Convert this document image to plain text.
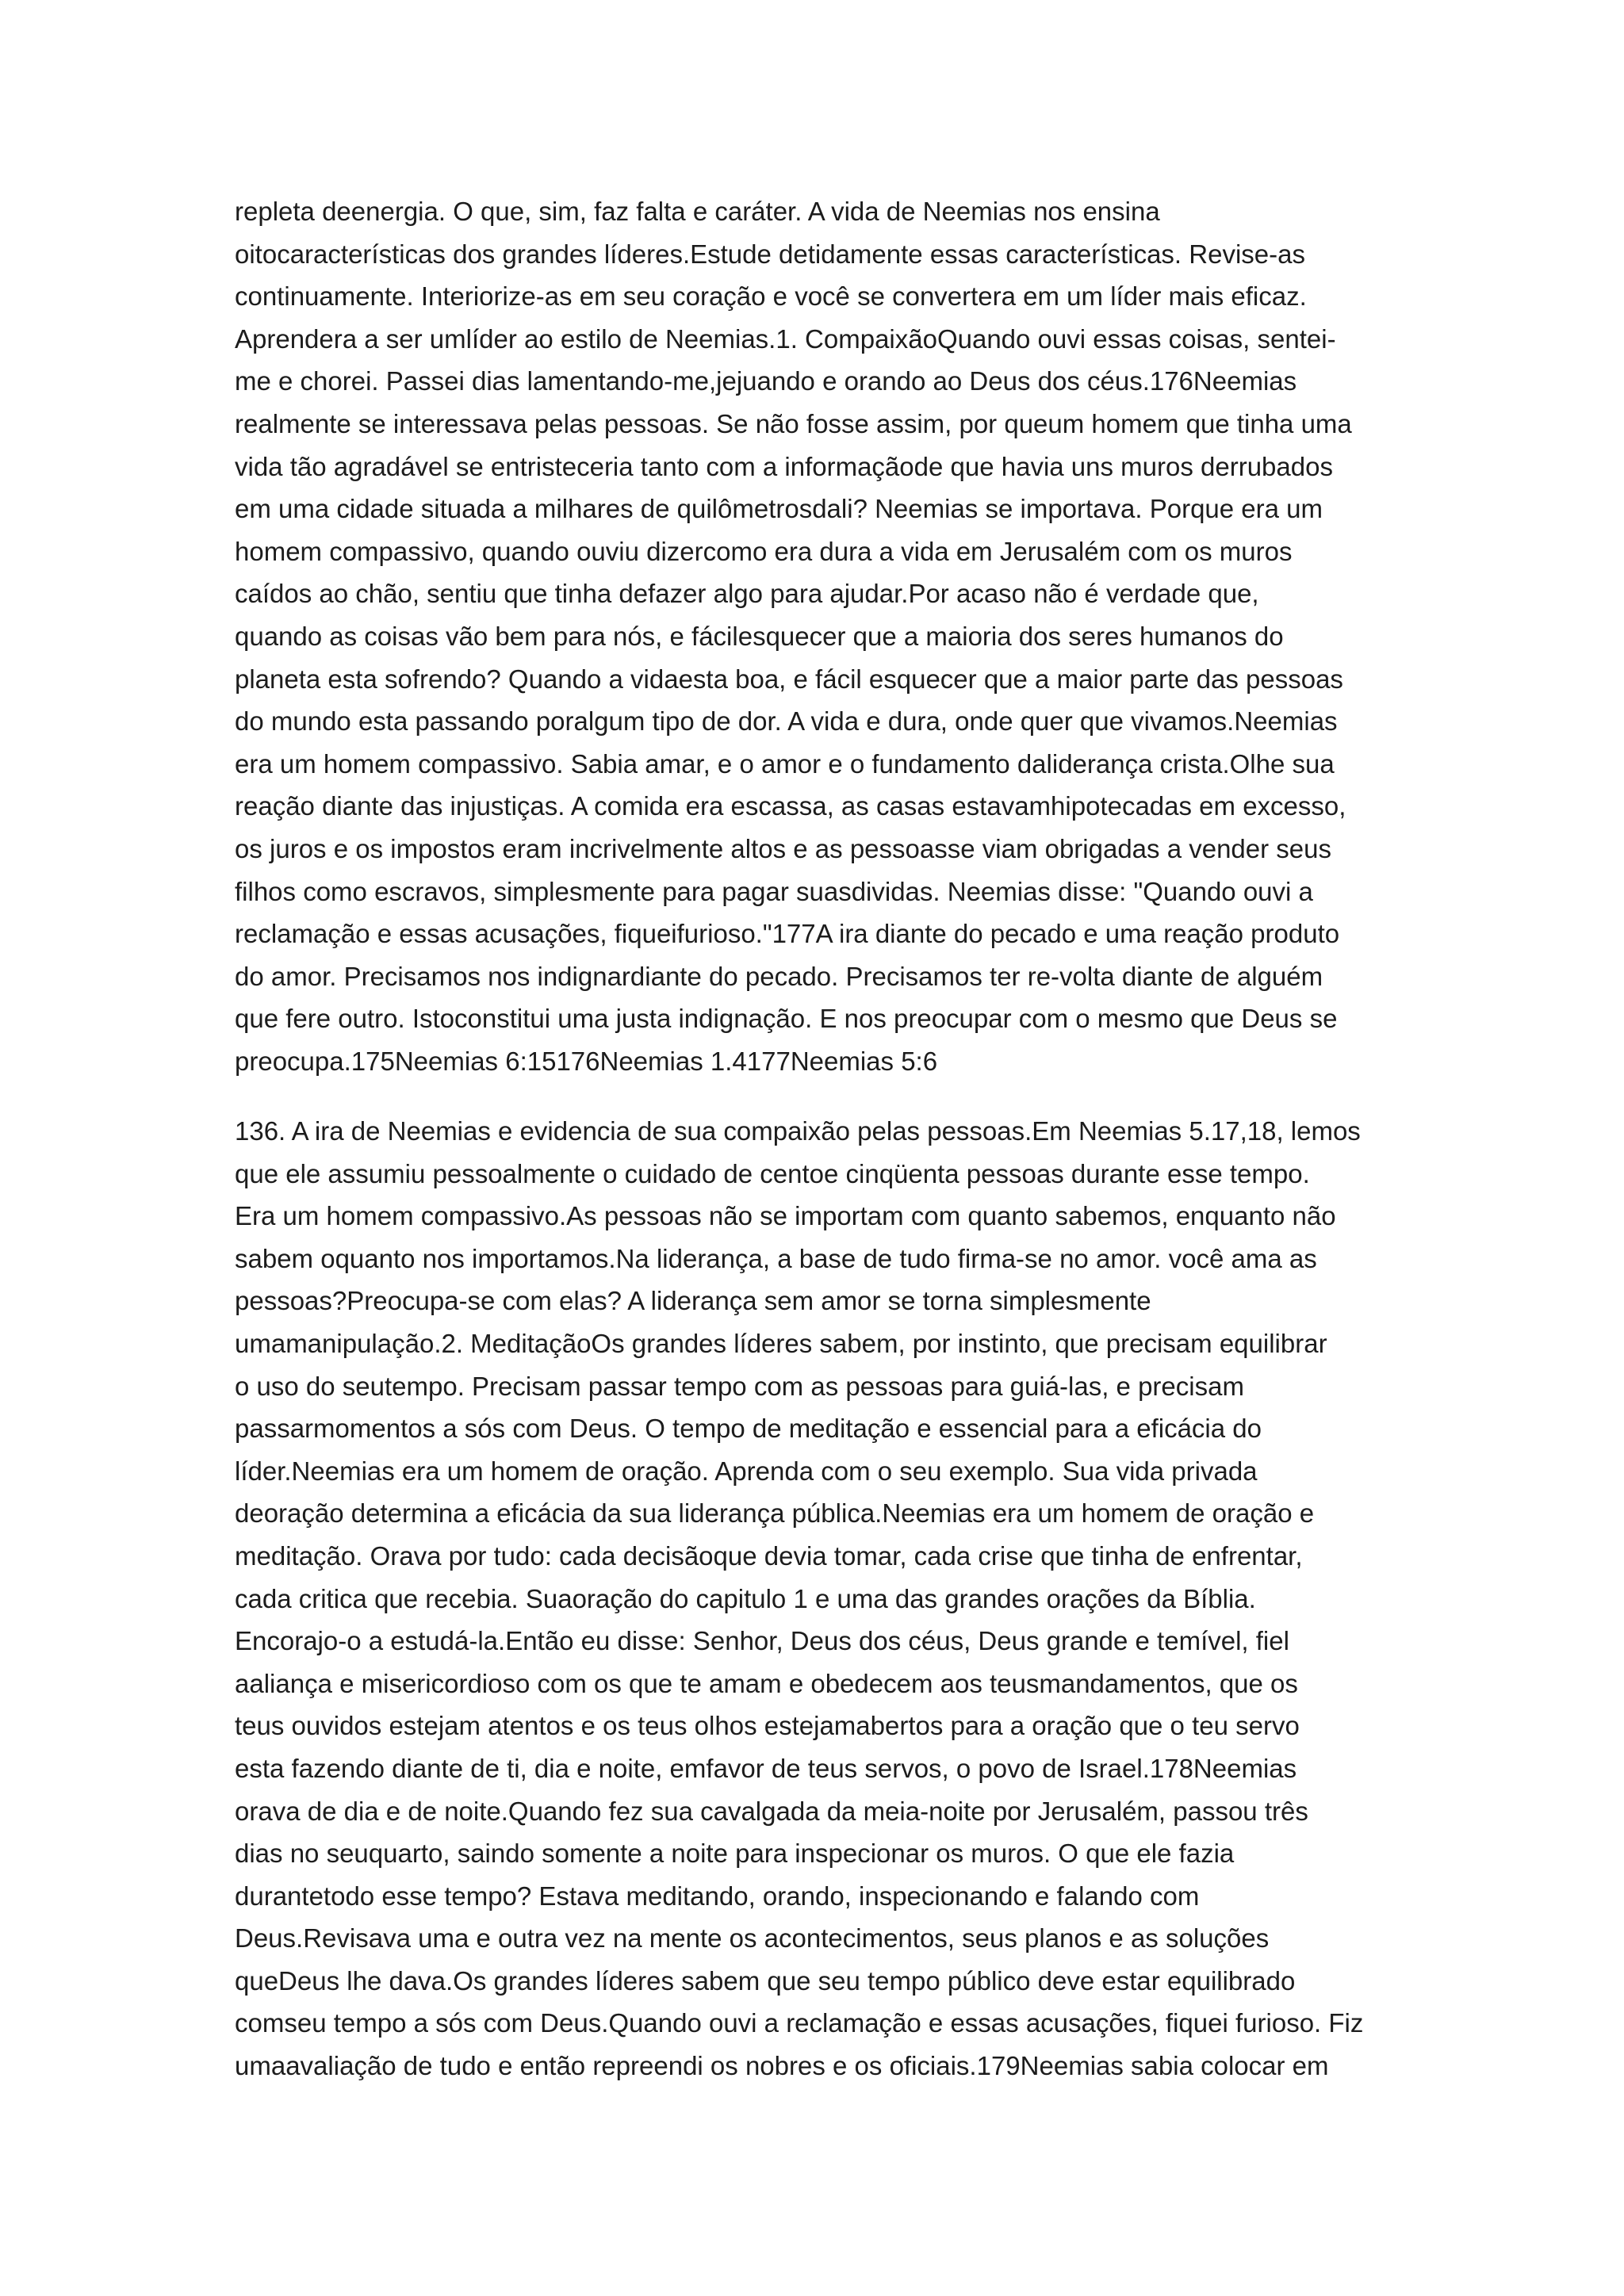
repleta deenergia. O que, sim, faz falta e caráter. A vida de Neemias nos ensina
oitocaracterísticas dos grandes líderes.Estude detidamente essas características. Revise-as
continuamente. Interiorize-as em seu coração e você se convertera em um líder mais eficaz.
Aprendera a ser umlíder ao estilo de Neemias.1. CompaixãoQuando ouvi essas coisas, sentei-
me e chorei. Passei dias lamentando-me,jejuando e orando ao Deus dos céus.176Neemias
realmente se interessava pelas pessoas. Se não fosse assim, por queum homem que tinha uma
vida tão agradável se entristeceria tanto com a informaçãode que havia uns muros derrubados
em uma cidade situada a milhares de quilômetrosdali? Neemias se importava. Porque era um
homem compassivo, quando ouviu dizercomo era dura a vida em Jerusalém com os muros
caídos ao chão, sentiu que tinha defazer algo para ajudar.Por acaso não é verdade que,
quando as coisas vão bem para nós, e fácilesquecer que a maioria dos seres humanos do
planeta esta sofrendo? Quando a vidaesta boa, e fácil esquecer que a maior parte das pessoas
do mundo esta passando poralgum tipo de dor. A vida e dura, onde quer que vivamos.Neemias
era um homem compassivo. Sabia amar, e o amor e o fundamento daliderança crista.Olhe sua
reação diante das injustiças. A comida era escassa, as casas estavamhipotecadas em excesso,
os juros e os impostos eram incrivelmente altos e as pessoasse viam obrigadas a vender seus
filhos como escravos, simplesmente para pagar suasdividas. Neemias disse: "Quando ouvi a
reclamação e essas acusações, fiqueifurioso."177A ira diante do pecado e uma reação produto
do amor. Precisamos nos indignardiante do pecado. Precisamos ter re-volta diante de alguém
que fere outro. Istoconstitui uma justa indignação. E nos preocupar com o mesmo que Deus se
preocupa.175Neemias 6:15176Neemias 1.4177Neemias 5:6
136. A ira de Neemias e evidencia de sua compaixão pelas pessoas.Em Neemias 5.17,18, lemos
que ele assumiu pessoalmente o cuidado de centoe cinqüenta pessoas durante esse tempo.
Era um homem compassivo.As pessoas não se importam com quanto sabemos, enquanto não
sabem oquanto nos importamos.Na liderança, a base de tudo firma-se no amor. você ama as
pessoas?Preocupa-se com elas? A liderança sem amor se torna simplesmente
umamanipulação.2. MeditaçãoOs grandes líderes sabem, por instinto, que precisam equilibrar
o uso do seutempo. Precisam passar tempo com as pessoas para guiá-las, e precisam
passarmomentos a sós com Deus. O tempo de meditação e essencial para a eficácia do
líder.Neemias era um homem de oração. Aprenda com o seu exemplo. Sua vida privada
deoração determina a eficácia da sua liderança pública.Neemias era um homem de oração e
meditação. Orava por tudo: cada decisãoque devia tomar, cada crise que tinha de enfrentar,
cada critica que recebia. Suaoração do capitulo 1 e uma das grandes orações da Bíblia.
Encorajo-o a estudá-la.Então eu disse: Senhor, Deus dos céus, Deus grande e temível, fiel
aaliança e misericordioso com os que te amam e obedecem aos teusmandamentos, que os
teus ouvidos estejam atentos e os teus olhos estejamabertos para a oração que o teu servo
esta fazendo diante de ti, dia e noite, emfavor de teus servos, o povo de Israel.178Neemias
orava de dia e de noite.Quando fez sua cavalgada da meia-noite por Jerusalém, passou três
dias no seuquarto, saindo somente a noite para inspecionar os muros. O que ele fazia
durantetodo esse tempo? Estava meditando, orando, inspecionando e falando com
Deus.Revisava uma e outra vez na mente os acontecimentos, seus planos e as soluções
queDeus lhe dava.Os grandes líderes sabem que seu tempo público deve estar equilibrado
comseu tempo a sós com Deus.Quando ouvi a reclamação e essas acusações, fiquei furioso. Fiz
umaavaliação de tudo e então repreendi os nobres e os oficiais.179Neemias sabia colocar em
